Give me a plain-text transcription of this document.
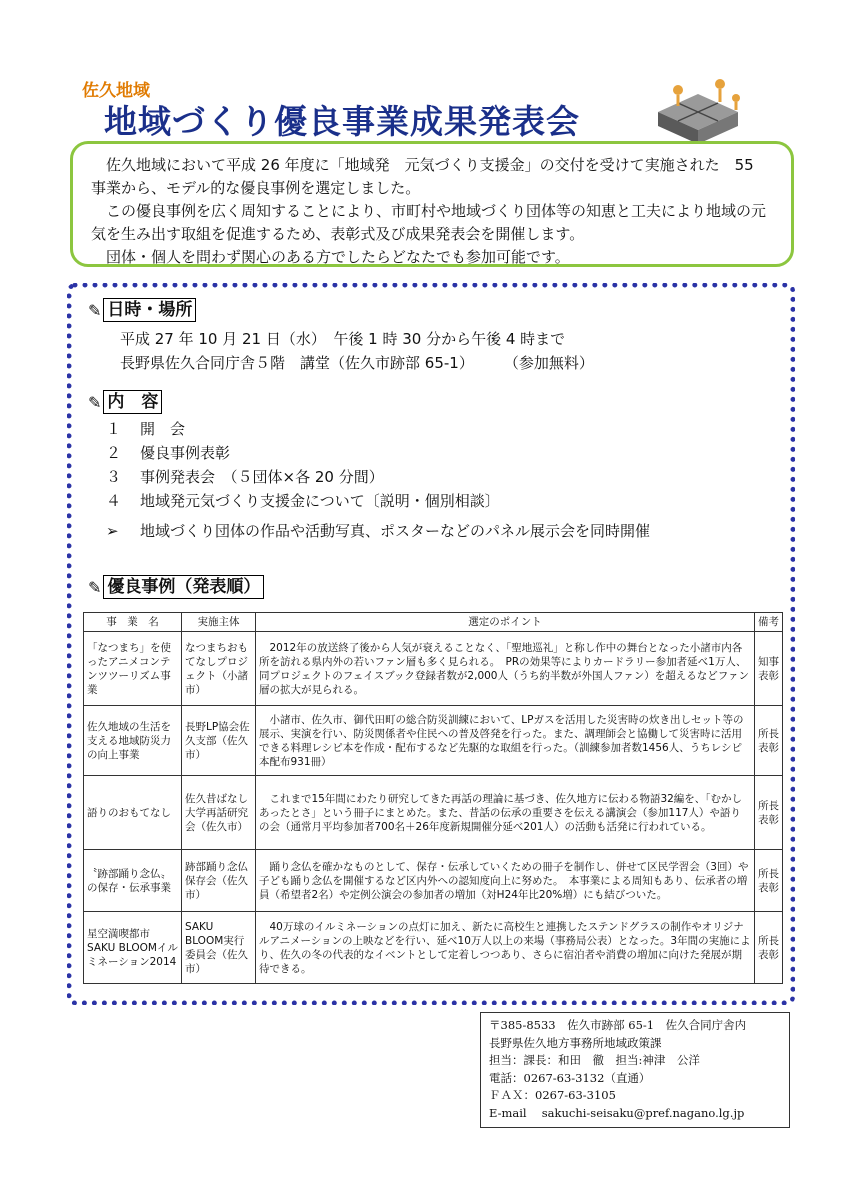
佐久地域
地域づくり優良事業成果発表会

　佐久地域において平成 26 年度に「地域発　元気づくり支援金」の交付を受けて実施された　55 事業から、モデル的な優良事例を選定しました。

　この優良事例を広く周知することにより、市町村や地域づくり団体等の知恵と工夫により地域の元気を生み出す取組を促進するため、表彰式及び成果発表会を開催します。

　団体・個人を問わず関心のある方でしたらどなたでも参加可能です。

✎ 日時・場所
平成 27 年 10 月 21 日（水）　午後 1 時 30 分から午後 4 時まで
長野県佐久合同庁舎５階　講堂（佐久市跡部 65-1）　　　（参加無料）
✎ 内　容
１ 開　会
２ 優良事例表彰
３ 事例発表会　（５団体×各 20 分間）
４ 地域発元気づくり支援金について〔説明・個別相談〕
➢ 地域づくり団体の作品や活動写真、ポスターなどのパネル展示会を同時開催
✎ 優良事例（発表順）
事　業　名	実施主体	選定のポイント	備考
「なつまち」を使ったアニメコンテンツツーリズム事業	なつまちおもてなしプロジェクト（小諸市）	　2012年の放送終了後から人気が衰えることなく、「聖地巡礼」と称し作中の舞台となった小諸市内各所を訪れる県内外の若いファン層も多く見られる。　PRの効果等によりカードラリー参加者延べ1万人、同プロジェクトのフェイスブック登録者数が2,000人（うち約半数が外国人ファン）を超えるなどファン層の拡大が見られる。	知事表彰
佐久地域の生活を支える地域防災力の向上事業	長野LP協会佐久支部（佐久市）	　小諸市、佐久市、御代田町の総合防災訓練において、LPガスを活用した災害時の炊き出しセット等の展示、実演を行い、防災関係者や住民への普及啓発を行った。また、調理師会と協働して災害時に活用できる料理レシピ本を作成・配布するなど先駆的な取組を行った。（訓練参加者数1456人、うちレシピ本配布931冊）	所長表彰
語りのおもてなし	佐久昔ばなし大学再話研究会（佐久市）	　これまで15年間にわたり研究してきた再話の理論に基づき、佐久地方に伝わる物語32編を、「むかしあったとさ」という冊子にまとめた。また、昔話の伝承の重要さを伝える講演会（参加117人）や語りの会（通常月平均参加者700名＋26年度新規開催分延べ201人）の活動も活発に行われている。	所長表彰
〝跡部踊り念仏〟の保存・伝承事業	跡部踊り念仏保存会（佐久市）	　踊り念仏を確かなものとして、保存・伝承していくための冊子を制作し、併せて区民学習会（3回）や子ども踊り念仏を開催するなど区内外への認知度向上に努めた。　本事業による周知もあり、伝承者の増員（希望者2名）や定例公演会の参加者の増加（対H24年比20%増）にも結びついた。	所長表彰
星空満喫都市SAKU BLOOMイルミネーション2014	SAKU BLOOM実行委員会（佐久市）	　40万球のイルミネーションの点灯に加え、新たに高校生と連携したステンドグラスの制作やオリジナルアニメーションの上映などを行い、延べ10万人以上の来場（事務局公表）となった。3年間の実施により、佐久の冬の代表的なイベントとして定着しつつあり、さらに宿泊者や消費の増加に向けた発展が期待できる。	所長表彰
〒385-8533　佐久市跡部 65-1　佐久合同庁舎内
長野県佐久地方事務所地域政策課
担当：課長：和田　徹　担当:神津　公洋
電話：0267-63-3132（直通）
ＦＡＸ：0267-63-3105
E-mail　 sakuchi-seisaku@pref.nagano.lg.jp
